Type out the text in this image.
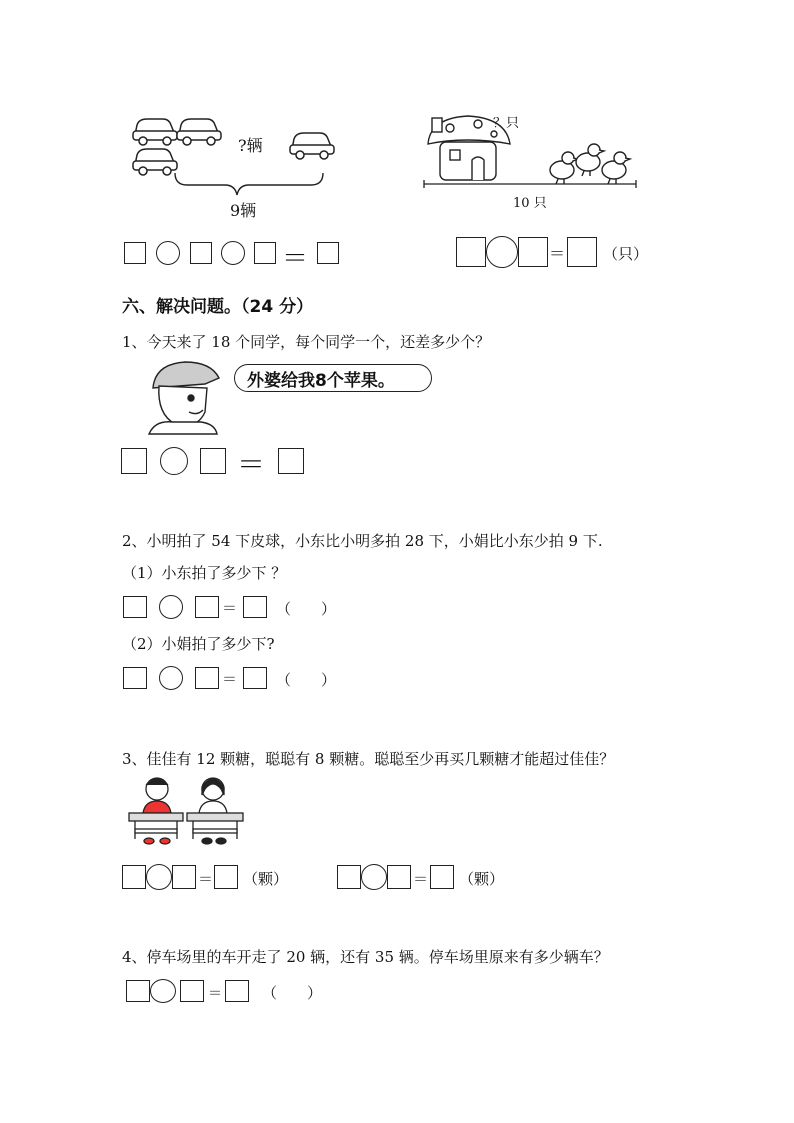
?辆
9辆
？只
10 只
＝	＝	（只）
六、解决问题。（24 分）
1、今天来了 18 个同学，每个同学一个，还差多少个？
外婆给我8个苹果。
＝
2、小明拍了 54 下皮球，小东比小明多拍 28 下，小娟比小东少拍 9 下.
（1）小东拍了多少下 ？
＝	（　　）
（2）小娟拍了多少下?
＝	（　　）
3、佳佳有 12 颗糖，聪聪有 8 颗糖。聪聪至少再买几颗糖才能超过佳佳？
＝ （颗）	＝ （颗）
4、停车场里的车开走了 20 辆，还有 35 辆。停车场里原来有多少辆车？
＝	（　　）
